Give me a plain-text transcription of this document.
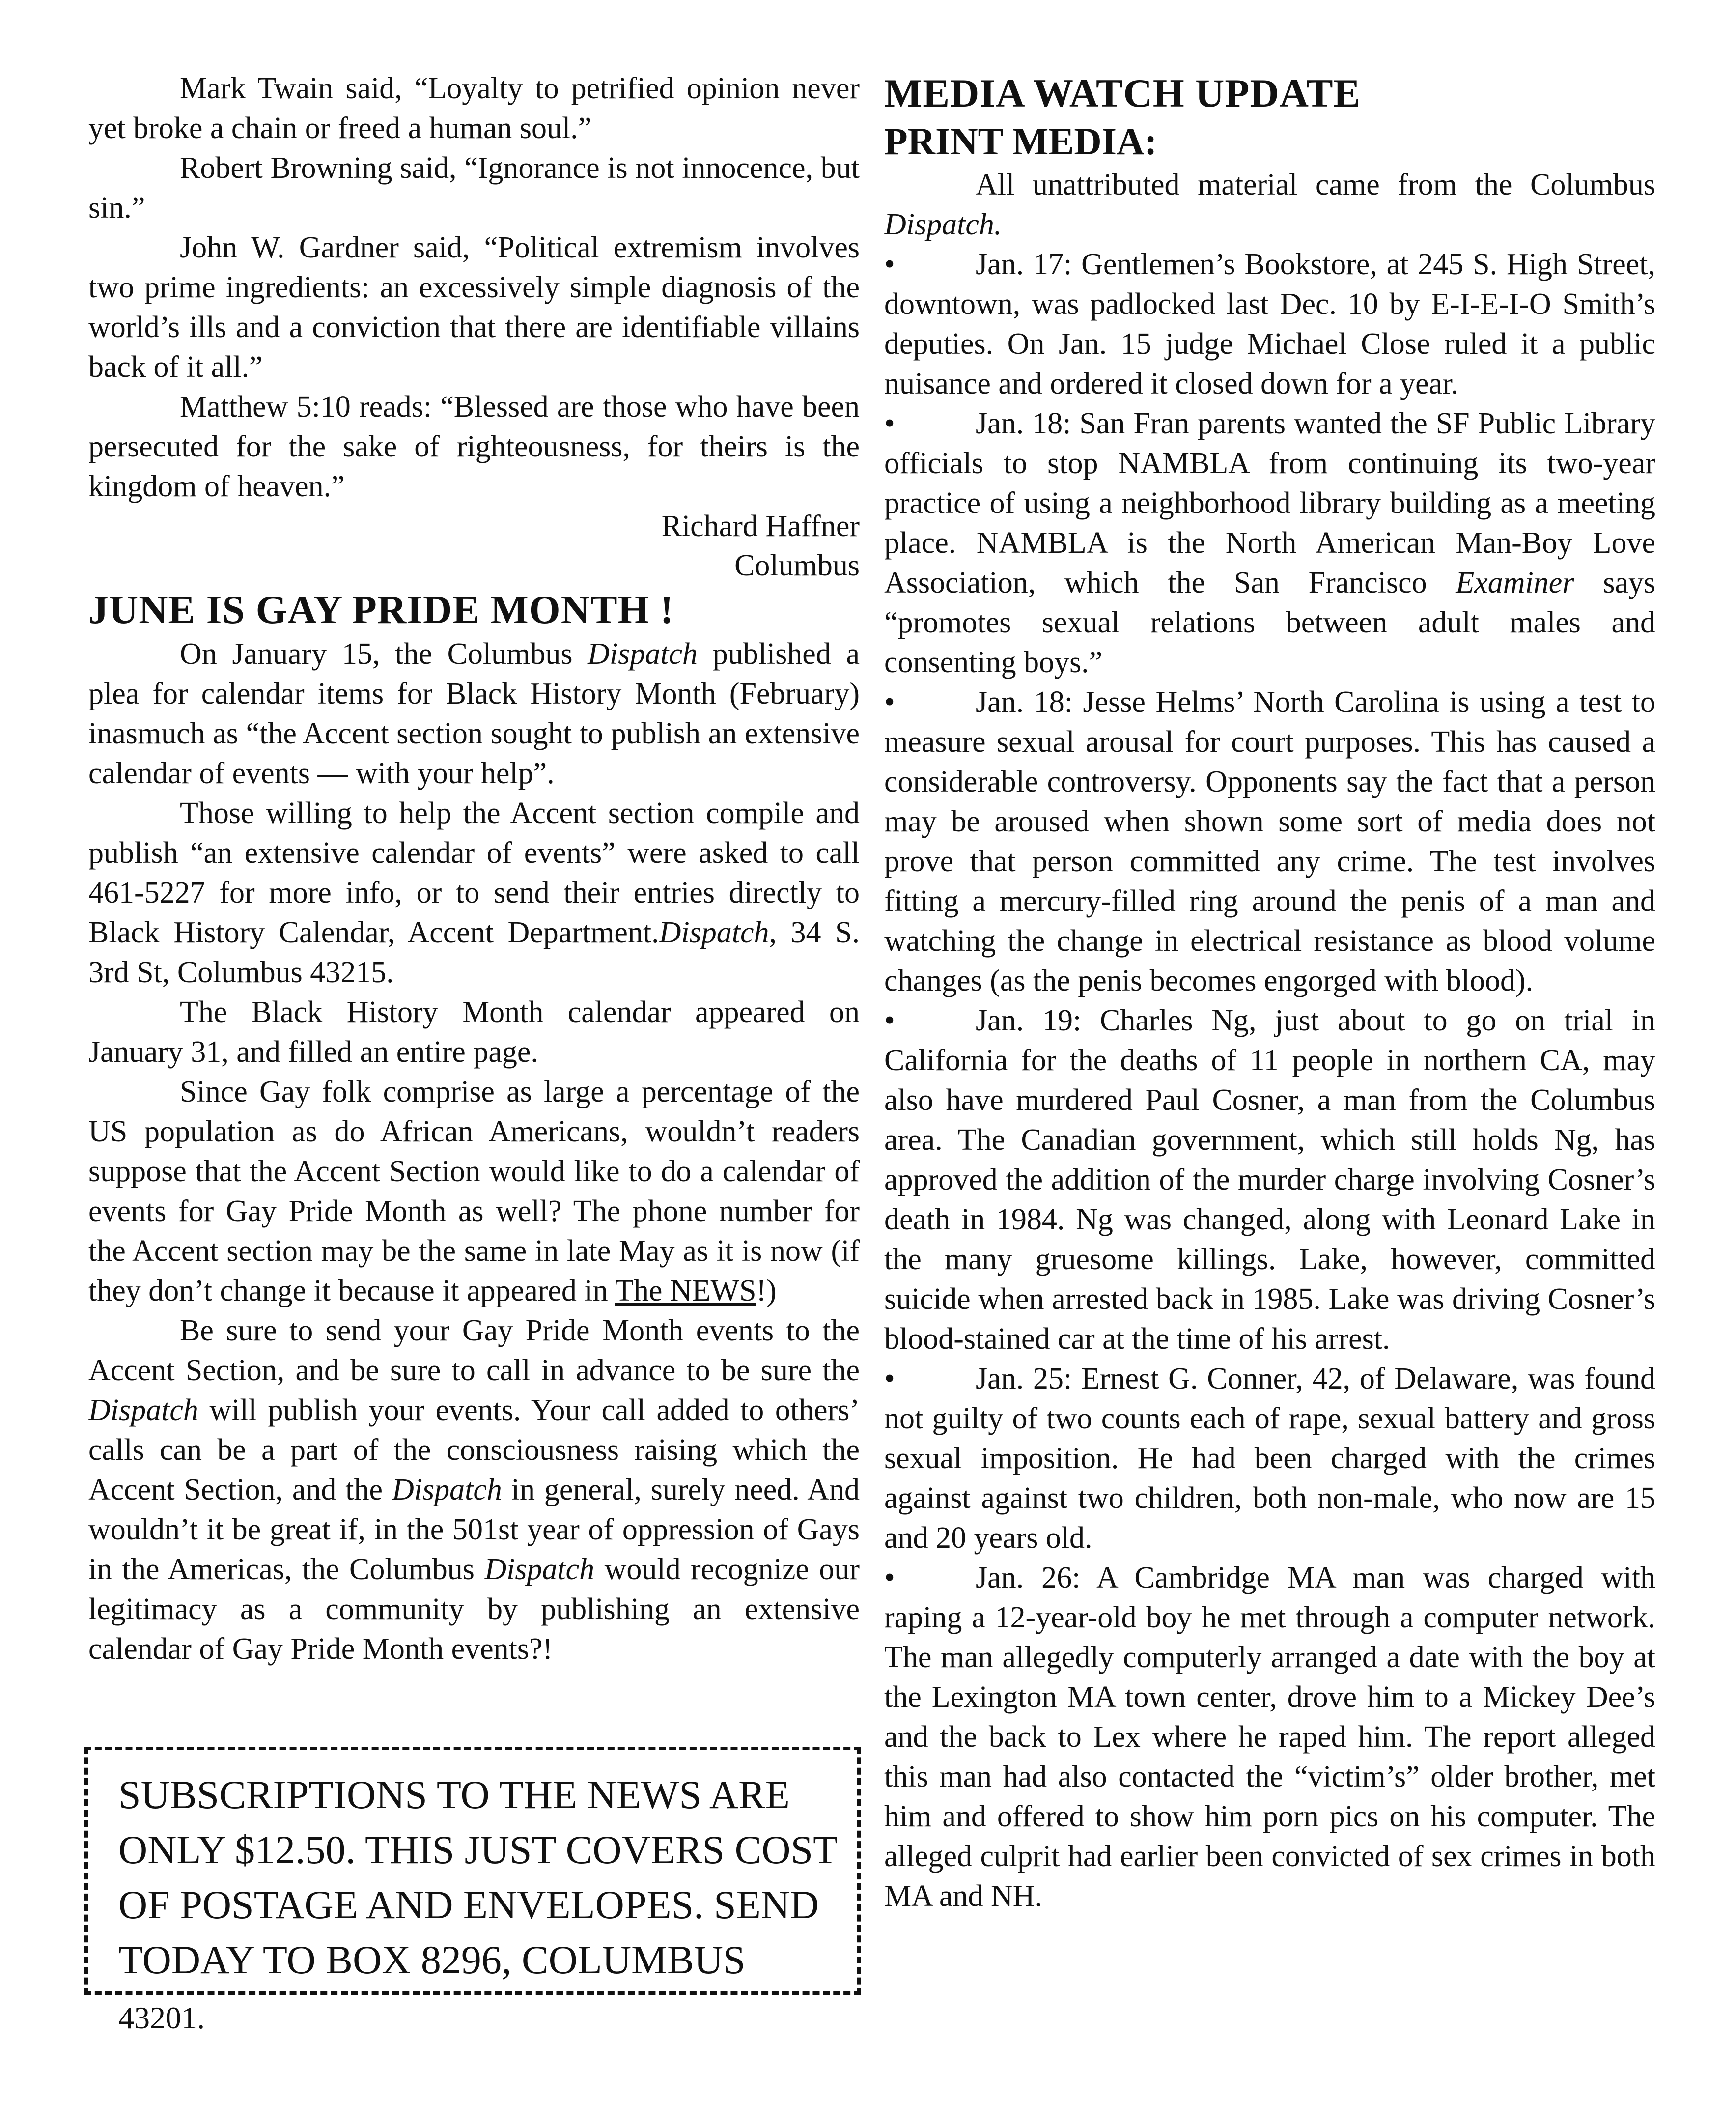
Mark Twain said, “Loyalty to petrified opinion never yet broke a chain or freed a human soul.”

Robert Browning said, “Ignorance is not innocence, but sin.”

John W. Gardner said, “Political extremism involves two prime ingredients: an excessively simple diagnosis of the world’s ills and a conviction that there are identifiable villains back of it all.”

Matthew 5:10 reads: “Blessed are those who have been persecuted for the sake of righteousness, for theirs is the kingdom of heaven.”

Richard Haffner
Columbus
JUNE IS GAY PRIDE MONTH !

On January 15, the Columbus Dispatch published a plea for calendar items for Black History Month (February) inasmuch as “the Accent section sought to publish an extensive calendar of events — with your help”.

Those willing to help the Accent section compile and publish “an extensive calendar of events” were asked to call 461-5227 for more info, or to send their entries directly to Black History Calendar, Accent Department.Dispatch, 34 S. 3rd St, Columbus 43215.

The Black History Month calendar appeared on January 31, and filled an entire page.

Since Gay folk comprise as large a percentage of the US population as do African Americans, wouldn’t readers suppose that the Accent Section would like to do a calendar of events for Gay Pride Month as well? The phone number for the Accent section may be the same in late May as it is now (if they don’t change it because it appeared in The NEWS!)

Be sure to send your Gay Pride Month events to the Accent Section, and be sure to call in advance to be sure the Dispatch will publish your events. Your call added to others’ calls can be a part of the consciousness raising which the Accent Section, and the Dispatch in general, surely need. And wouldn’t it be great if, in the 501st year of oppression of Gays in the Americas, the Columbus Dispatch would recognize our legitimacy as a community by publishing an extensive calendar of Gay Pride Month events?!

SUBSCRIPTIONS TO THE NEWS ARE
ONLY $12.50. THIS JUST COVERS COST
OF POSTAGE AND ENVELOPES. SEND
TODAY TO BOX 8296, COLUMBUS 43201.
MEDIA WATCH UPDATE
PRINT MEDIA:

All unattributed material came from the Columbus Dispatch.

Jan. 17: Gentlemen’s Bookstore, at 245 S. High Street, downtown, was padlocked last Dec. 10 by E-I-E-I-O Smith’s deputies. On Jan. 15 judge Michael Close ruled it a public nuisance and ordered it closed down for a year.

Jan. 18: San Fran parents wanted the SF Public Library officials to stop NAMBLA from continuing its two-year practice of using a neighborhood library building as a meeting place. NAMBLA is the North American Man-Boy Love Association, which the San Francisco Examiner says “promotes sexual relations between adult males and consenting boys.”

Jan. 18: Jesse Helms’ North Carolina is using a test to measure sexual arousal for court purposes. This has caused a considerable controversy. Opponents say the fact that a person may be aroused when shown some sort of media does not prove that person committed any crime. The test involves fitting a mercury-filled ring around the penis of a man and watching the change in electrical resistance as blood volume changes (as the penis becomes engorged with blood).

Jan. 19: Charles Ng, just about to go on trial in California for the deaths of 11 people in northern CA, may also have murdered Paul Cosner, a man from the Columbus area. The Canadian government, which still holds Ng, has approved the addition of the murder charge involving Cosner’s death in 1984. Ng was changed, along with Leonard Lake in the many gruesome killings. Lake, however, committed suicide when arrested back in 1985. Lake was driving Cosner’s blood-stained car at the time of his arrest.

Jan. 25: Ernest G. Conner, 42, of Delaware, was found not guilty of two counts each of rape, sexual battery and gross sexual imposition. He had been charged with the crimes against against two children, both non-male, who now are 15 and 20 years old.

Jan. 26: A Cambridge MA man was charged with raping a 12-year-old boy he met through a computer network. The man allegedly computerly arranged a date with the boy at the Lexington MA town center, drove him to a Mickey Dee’s and the back to Lex where he raped him. The report alleged this man had also contacted the “victim’s” older brother, met him and offered to show him porn pics on his computer. The alleged culprit had earlier been convicted of sex crimes in both MA and NH.
